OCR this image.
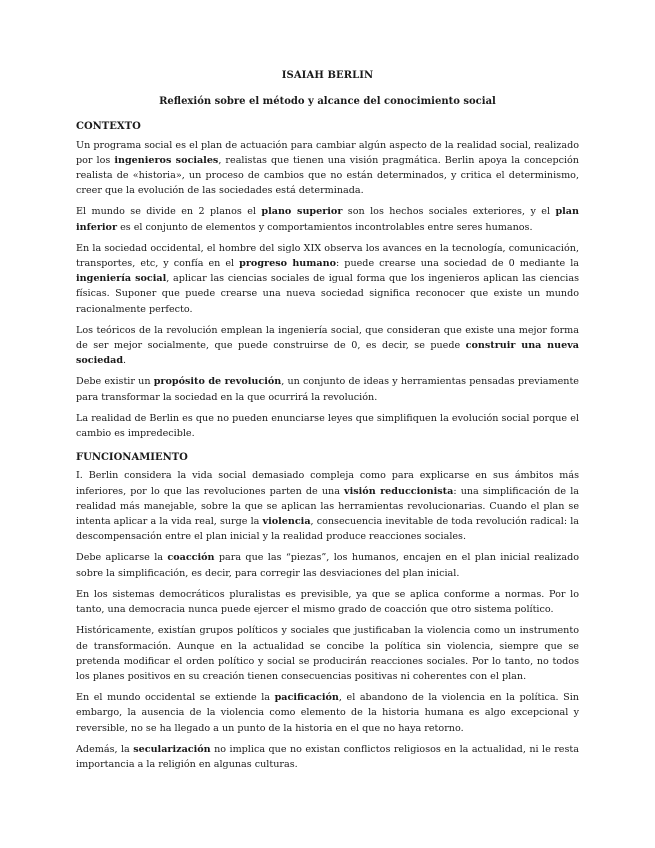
ISAIAH BERLIN
Reflexión sobre el método y alcance del conocimiento social
CONTEXTO

Un programa social es el plan de actuación para cambiar algún aspecto de la realidad social, realizado por los ingenieros sociales, realistas que tienen una visión pragmática. Berlin apoya la concepción realista de «historia», un proceso de cambios que no están determinados, y critica el determinismo, creer que la evolución de las sociedades está determinada.

El mundo se divide en 2 planos el plano superior son los hechos sociales exteriores, y el plan inferior es el conjunto de elementos y comportamientos incontrolables entre seres humanos.

En la sociedad occidental, el hombre del siglo XIX observa los avances en la tecnología, comunicación, transportes, etc, y confía en el progreso humano: puede crearse una sociedad de 0 mediante la ingeniería social, aplicar las ciencias sociales de igual forma que los ingenieros aplican las ciencias físicas. Suponer que puede crearse una nueva sociedad significa reconocer que existe un mundo racionalmente perfecto.

Los teóricos de la revolución emplean la ingeniería social, que consideran que existe una mejor forma de ser mejor socialmente, que puede construirse de 0, es decir, se puede construir una nueva sociedad.

Debe existir un propósito de revolución, un conjunto de ideas y herramientas pensadas previamente para transformar la sociedad en la que ocurrirá la revolución.

La realidad de Berlin es que no pueden enunciarse leyes que simplifiquen la evolución social porque el cambio es impredecible.

FUNCIONAMIENTO

I. Berlin considera la vida social demasiado compleja como para explicarse en sus ámbitos más inferiores, por lo que las revoluciones parten de una visión reduccionista: una simplificación de la realidad más manejable, sobre la que se aplican las herramientas revolucionarias. Cuando el plan se intenta aplicar a la vida real, surge la violencia, consecuencia inevitable de toda revolución radical: la descompensación entre el plan inicial y la realidad produce reacciones sociales.

Debe aplicarse la coacción para que las “piezas”, los humanos, encajen en el plan inicial realizado sobre la simplificación, es decir, para corregir las desviaciones del plan inicial.

En los sistemas democráticos pluralistas es previsible, ya que se aplica conforme a normas. Por lo tanto, una democracia nunca puede ejercer el mismo grado de coacción que otro sistema político.

Históricamente, existían grupos políticos y sociales que justificaban la violencia como un instrumento de transformación. Aunque en la actualidad se concibe la política sin violencia, siempre que se pretenda modificar el orden político y social se producirán reacciones sociales. Por lo tanto, no todos los planes positivos en su creación tienen consecuencias positivas ni coherentes con el plan.

En el mundo occidental se extiende la pacificación, el abandono de la violencia en la política. Sin embargo, la ausencia de la violencia como elemento de la historia humana es algo excepcional y reversible, no se ha llegado a un punto de la historia en el que no haya retorno.

Además, la secularización no implica que no existan conflictos religiosos en la actualidad, ni le resta importancia a la religión en algunas culturas.
